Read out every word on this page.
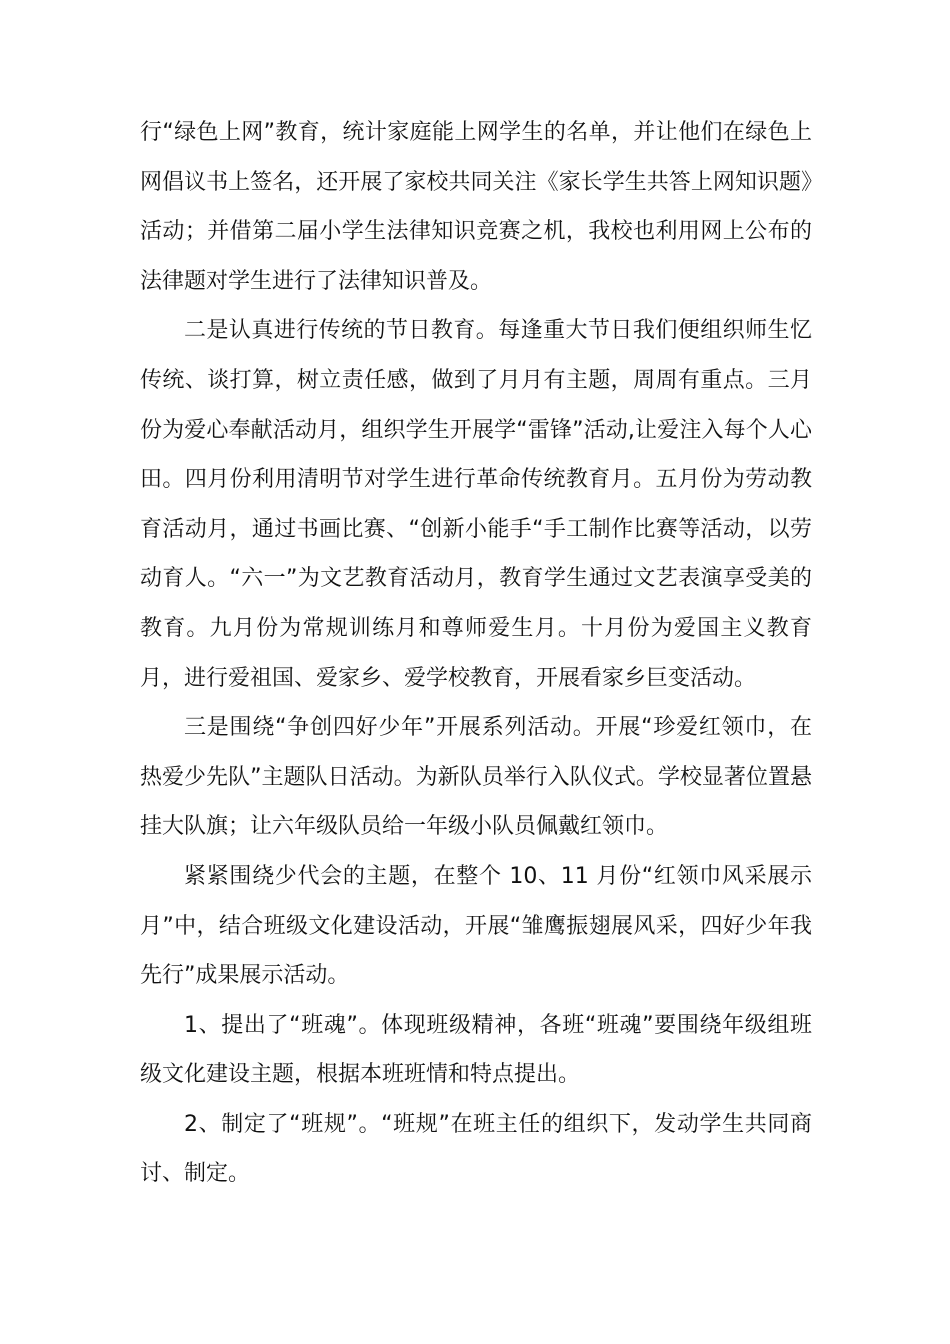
行“绿色上网”教育，统计家庭能上网学生的名单，并让他们在绿色上网倡议书上签名，还开展了家校共同关注《家长学生共答上网知识题》活动；并借第二届小学生法律知识竞赛之机，我校也利用网上公布的法律题对学生进行了法律知识普及。

二是认真进行传统的节日教育。每逢重大节日我们便组织师生忆传统、谈打算，树立责任感，做到了月月有主题，周周有重点。三月份为爱心奉献活动月，组织学生开展学“雷锋”活动,让爱注入每个人心田。四月份利用清明节对学生进行革命传统教育月。五月份为劳动教育活动月，通过书画比赛、“创新小能手“手工制作比赛等活动，以劳动育人。“六一”为文艺教育活动月，教育学生通过文艺表演享受美的教育。九月份为常规训练月和尊师爱生月。十月份为爱国主义教育月，进行爱祖国、爱家乡、爱学校教育，开展看家乡巨变活动。

三是围绕“争创四好少年”开展系列活动。开展“珍爱红领巾，在热爱少先队”主题队日活动。为新队员举行入队仪式。学校显著位置悬挂大队旗；让六年级队员给一年级小队员佩戴红领巾。

紧紧围绕少代会的主题，在整个 10、11 月份“红领巾风采展示月”中，结合班级文化建设活动，开展“雏鹰振翅展风采，四好少年我先行”成果展示活动。

1、提出了“班魂”。体现班级精神，各班“班魂”要围绕年级组班级文化建设主题，根据本班班情和特点提出。

2、制定了“班规”。“班规”在班主任的组织下，发动学生共同商讨、制定。
